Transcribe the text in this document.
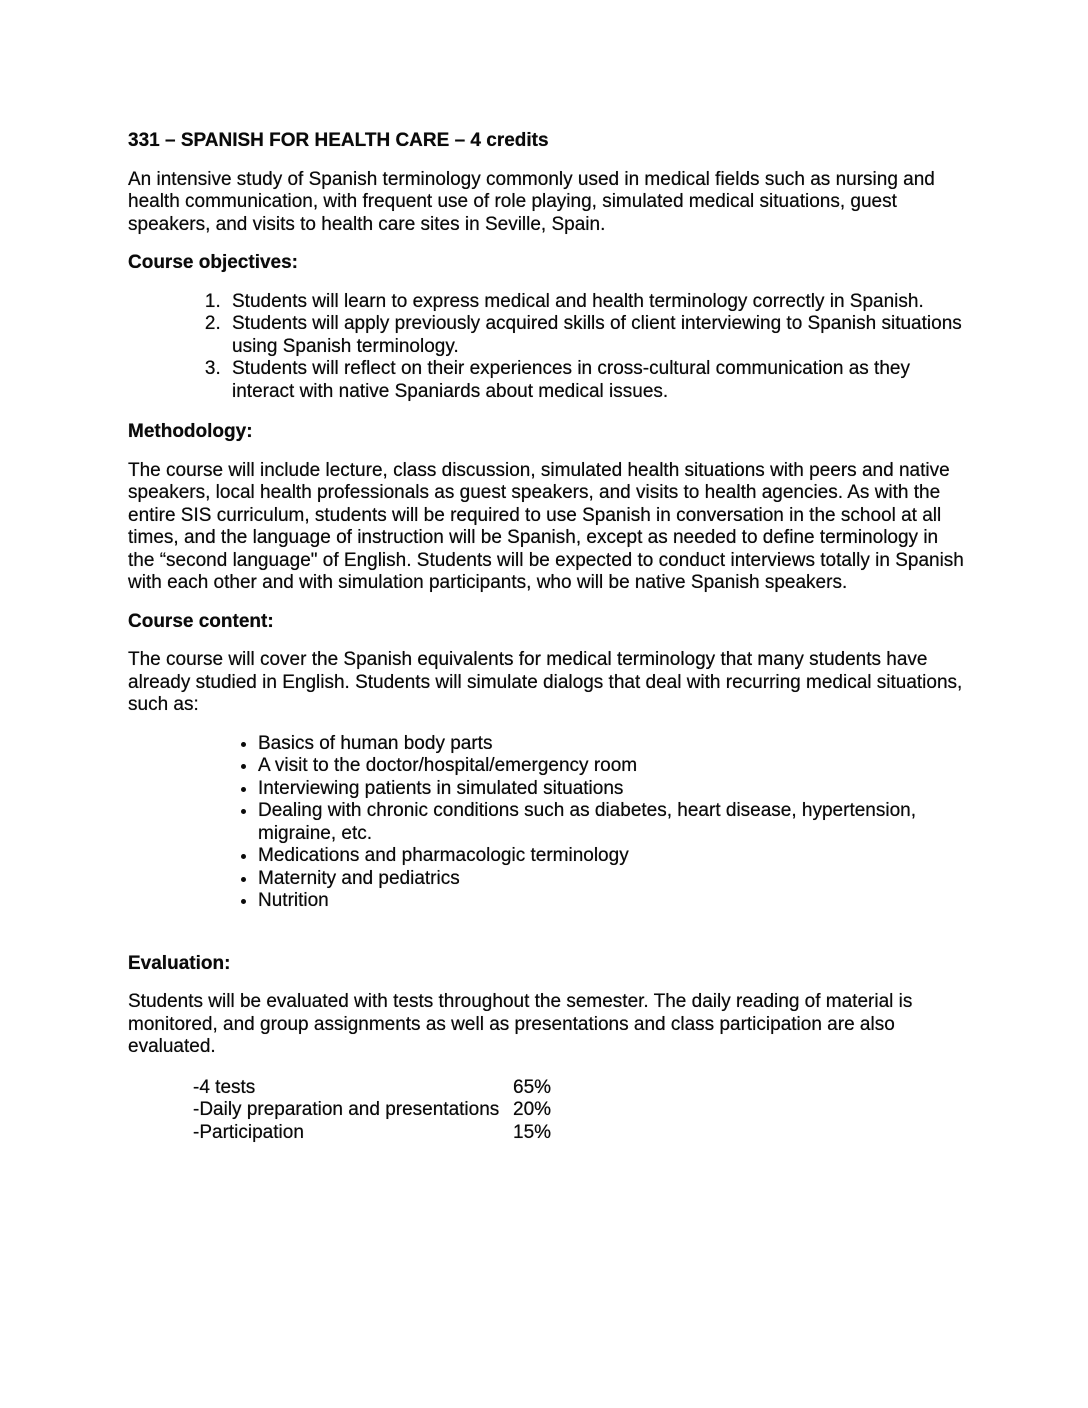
331 – SPANISH FOR HEALTH CARE – 4 credits

An intensive study of Spanish terminology commonly used in medical fields such as nursing and health communication, with frequent use of role playing, simulated medical situations, guest speakers, and visits to health care sites in Seville, Spain.

Course objectives:
1. Students will learn to express medical and health terminology correctly in Spanish.
2. Students will apply previously acquired skills of client interviewing to Spanish situations using Spanish terminology.
3. Students will reflect on their experiences in cross-cultural communication as they interact with native Spaniards about medical issues.
Methodology:

The course will include lecture, class discussion, simulated health situations with peers and native speakers, local health professionals as guest speakers, and visits to health agencies. As with the entire SIS curriculum, students will be required to use Spanish in conversation in the school at all times, and the language of instruction will be Spanish, except as needed to define terminology in the “second language" of English. Students will be expected to conduct interviews totally in Spanish with each other and with simulation participants, who will be native Spanish speakers.

Course content:

The course will cover the Spanish equivalents for medical terminology that many students have already studied in English. Students will simulate dialogs that deal with recurring medical situations, such as:

• Basics of human body parts
• A visit to the doctor/hospital/emergency room
• Interviewing patients in simulated situations
• Dealing with chronic conditions such as diabetes, heart disease, hypertension, migraine, etc.
• Medications and pharmacologic terminology
• Maternity and pediatrics
• Nutrition
Evaluation:

Students will be evaluated with tests throughout the semester. The daily reading of material is monitored, and group assignments as well as presentations and class participation are also evaluated.

-4 tests	65%
-Daily preparation and presentations 20%
-Participation	15%
